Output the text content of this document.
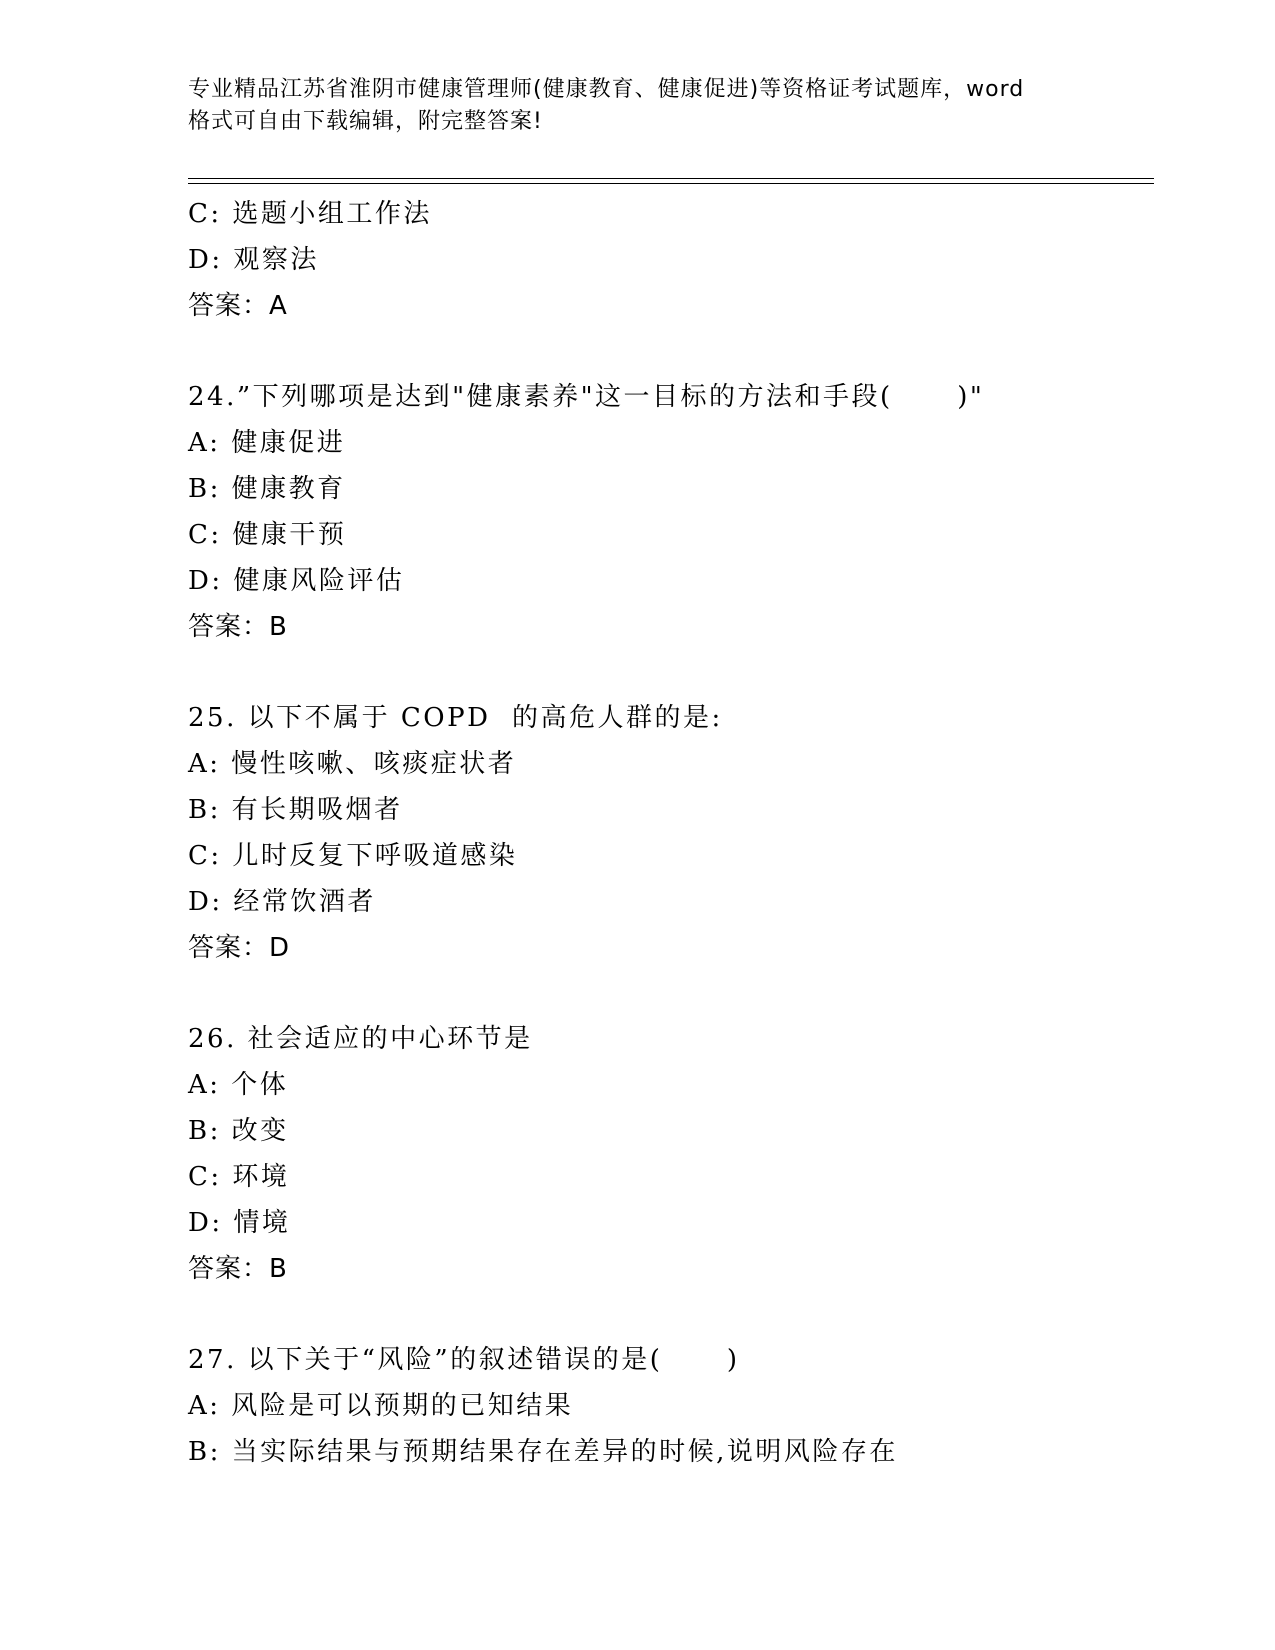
专业精品江苏省淮阴市健康管理师(健康教育、健康促进)等资格证考试题库，word
格式可自由下载编辑，附完整答案!
C: 选题小组工作法
D: 观察法
答案：A
24.”下列哪项是达到"健康素养"这一目标的方法和手段(      )"
A: 健康促进
B: 健康教育
C: 健康干预
D: 健康风险评估
答案：B
25. 以下不属于 COPD  的高危人群的是:
A: 慢性咳嗽、咳痰症状者
B: 有长期吸烟者
C: 儿时反复下呼吸道感染
D: 经常饮酒者
答案：D
26. 社会适应的中心环节是
A: 个体
B: 改变
C: 环境
D: 情境
答案：B
27. 以下关于“风险”的叙述错误的是(      )
A: 风险是可以预期的已知结果
B: 当实际结果与预期结果存在差异的时候,说明风险存在
